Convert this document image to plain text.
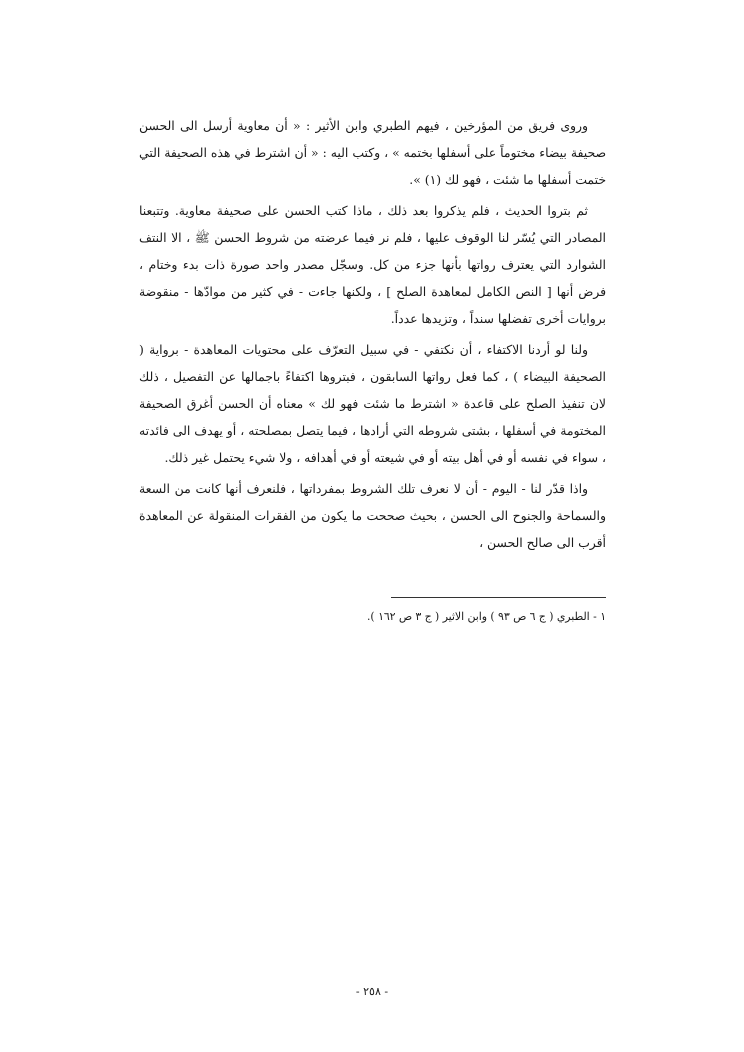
وروى فريق من المؤرخين ، فيهم الطبري وابن الأثير : « أن معاوية أرسل الى الحسن صحيفة بيضاء مختوماً على أسفلها بختمه » ، وكتب اليه : « أن اشترط في هذه الصحيفة التي ختمت أسفلها ما شئت ، فهو لك (١) ».

ثم بتروا الحديث ، فلم يذكروا بعد ذلك ، ماذا كتب الحسن على صحيفة معاوية. وتتبعنا المصادر التي يُسّر لنا الوقوف عليها ، فلم نر فيما عرضته من شروط الحسن ﷺ ، الا النتف الشوارد التي يعترف رواتها بأنها جزء من كل. وسجّل مصدر واحد صورة ذات بدء وختام ، فرض أنها [ النص الكامل لمعاهدة الصلح ] ، ولكنها جاءت - في كثير من موادّها - منقوضة بروايات أخرى تفضلها سنداً ، وتزيدها عدداً.

ولنا لو أردنا الاكتفاء ، أن نكتفي - في سبيل التعرّف على محتويات المعاهدة - برواية ( الصحيفة البيضاء ) ، كما فعل رواتها السابقون ، فبتروها اكتفاءً باجمالها عن التفصيل ، ذلك لان تنفيذ الصلح على قاعدة « اشترط ما شئت فهو لك » معناه أن الحسن أغرق الصحيفة المختومة في أسفلها ، بشتى شروطه التي أرادها ، فيما يتصل بمصلحته ، أو يهدف الى فائدته ، سواء في نفسه أو في أهل بيته أو في شيعته أو في أهدافه ، ولا شيء يحتمل غير ذلك.

واذا قدّر لنا - اليوم - أن لا نعرف تلك الشروط بمفرداتها ، فلنعرف أنها كانت من السعة والسماحة والجنوح الى الحسن ، بحيث صححت ما يكون من الفقرات المنقولة عن المعاهدة أقرب الى صالح الحسن ،

١ - الطبري ( ج ٦ ص ٩٣ ) وابن الاثير ( ج ٣ ص ١٦٢ ).
- ٢٥٨ -
